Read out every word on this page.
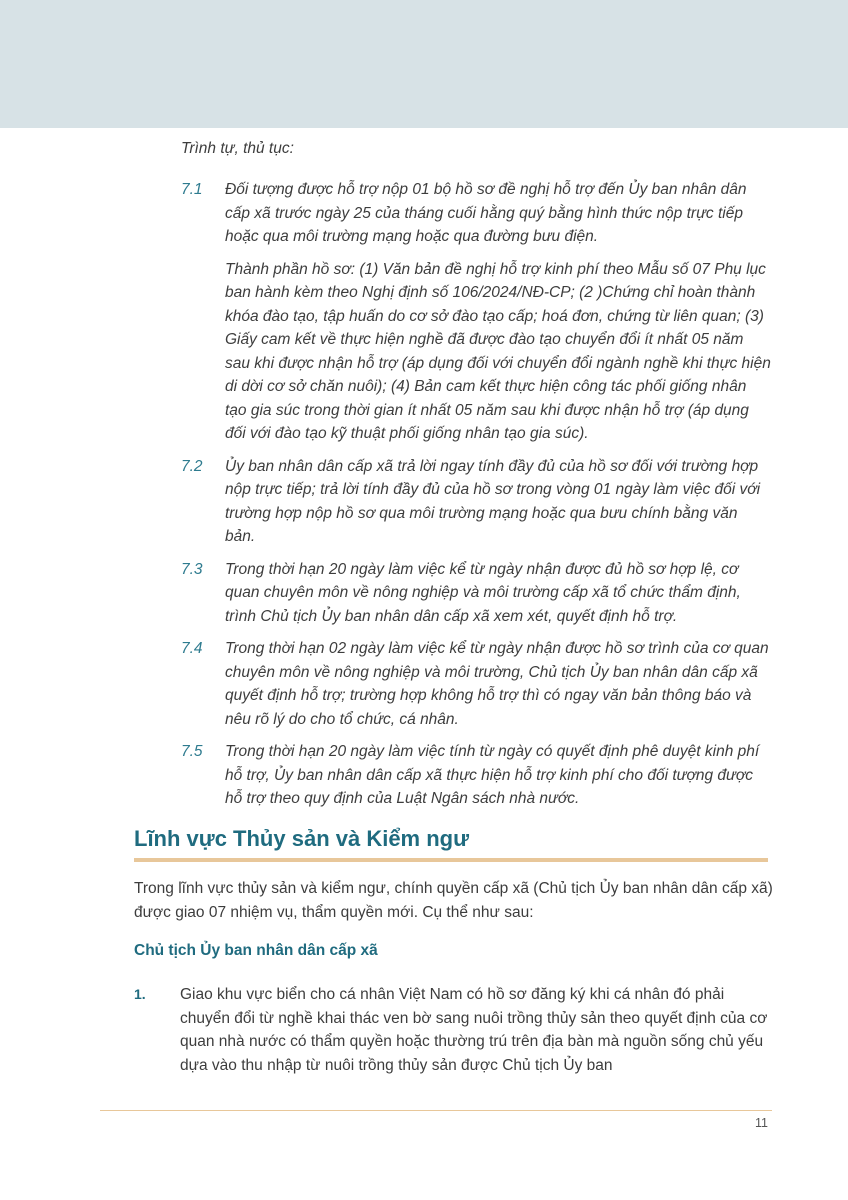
Trình tự, thủ tục:
7.1	Đối tượng được hỗ trợ nộp 01 bộ hồ sơ đề nghị hỗ trợ đến Ủy ban nhân dân cấp xã trước ngày 25 của tháng cuối hằng quý bằng hình thức nộp trực tiếp hoặc qua môi trường mạng hoặc qua đường bưu điện.

Thành phần hồ sơ: (1) Văn bản đề nghị hỗ trợ kinh phí theo Mẫu số 07 Phụ lục ban hành kèm theo Nghị định số 106/2024/NĐ-CP; (2 )Chứng chỉ hoàn thành khóa đào tạo, tập huấn do cơ sở đào tạo cấp; hoá đơn, chứng từ liên quan; (3) Giấy cam kết về thực hiện nghề đã được đào tạo chuyển đổi ít nhất 05 năm sau khi được nhận hỗ trợ (áp dụng đối với chuyển đổi ngành nghề khi thực hiện di dời cơ sở chăn nuôi); (4) Bản cam kết thực hiện công tác phối giống nhân tạo gia súc trong thời gian ít nhất 05 năm sau khi được nhận hỗ trợ (áp dụng đối với đào tạo kỹ thuật phối giống nhân tạo gia súc).

7.2	Ủy ban nhân dân cấp xã trả lời ngay tính đầy đủ của hồ sơ đối với trường hợp nộp trực tiếp; trả lời tính đầy đủ của hồ sơ trong vòng 01 ngày làm việc đối với trường hợp nộp hồ sơ qua môi trường mạng hoặc qua bưu chính bằng văn bản.

7.3	Trong thời hạn 20 ngày làm việc kể từ ngày nhận được đủ hồ sơ hợp lệ, cơ quan chuyên môn về nông nghiệp và môi trường cấp xã tổ chức thẩm định, trình Chủ tịch Ủy ban nhân dân cấp xã xem xét, quyết định hỗ trợ.

7.4	Trong thời hạn 02 ngày làm việc kể từ ngày nhận được hồ sơ trình của cơ quan chuyên môn về nông nghiệp và môi trường, Chủ tịch Ủy ban nhân dân cấp xã quyết định hỗ trợ; trường hợp không hỗ trợ thì có ngay văn bản thông báo và nêu rõ lý do cho tổ chức, cá nhân.

7.5	Trong thời hạn 20 ngày làm việc tính từ ngày có quyết định phê duyệt kinh phí hỗ trợ, Ủy ban nhân dân cấp xã thực hiện hỗ trợ kinh phí cho đối tượng được hỗ trợ theo quy định của Luật Ngân sách nhà nước.

Lĩnh vực Thủy sản và Kiểm ngư

Trong lĩnh vực thủy sản và kiểm ngư, chính quyền cấp xã (Chủ tịch Ủy ban nhân dân cấp xã) được giao 07 nhiệm vụ, thẩm quyền mới. Cụ thể như sau:

Chủ tịch Ủy ban nhân dân cấp xã
1.	Giao khu vực biển cho cá nhân Việt Nam có hồ sơ đăng ký khi cá nhân đó phải chuyển đổi từ nghề khai thác ven bờ sang nuôi trồng thủy sản theo quyết định của cơ quan nhà nước có thẩm quyền hoặc thường trú trên địa bàn mà nguồn sống chủ yếu dựa vào thu nhập từ nuôi trồng thủy sản được Chủ tịch Ủy ban

11
